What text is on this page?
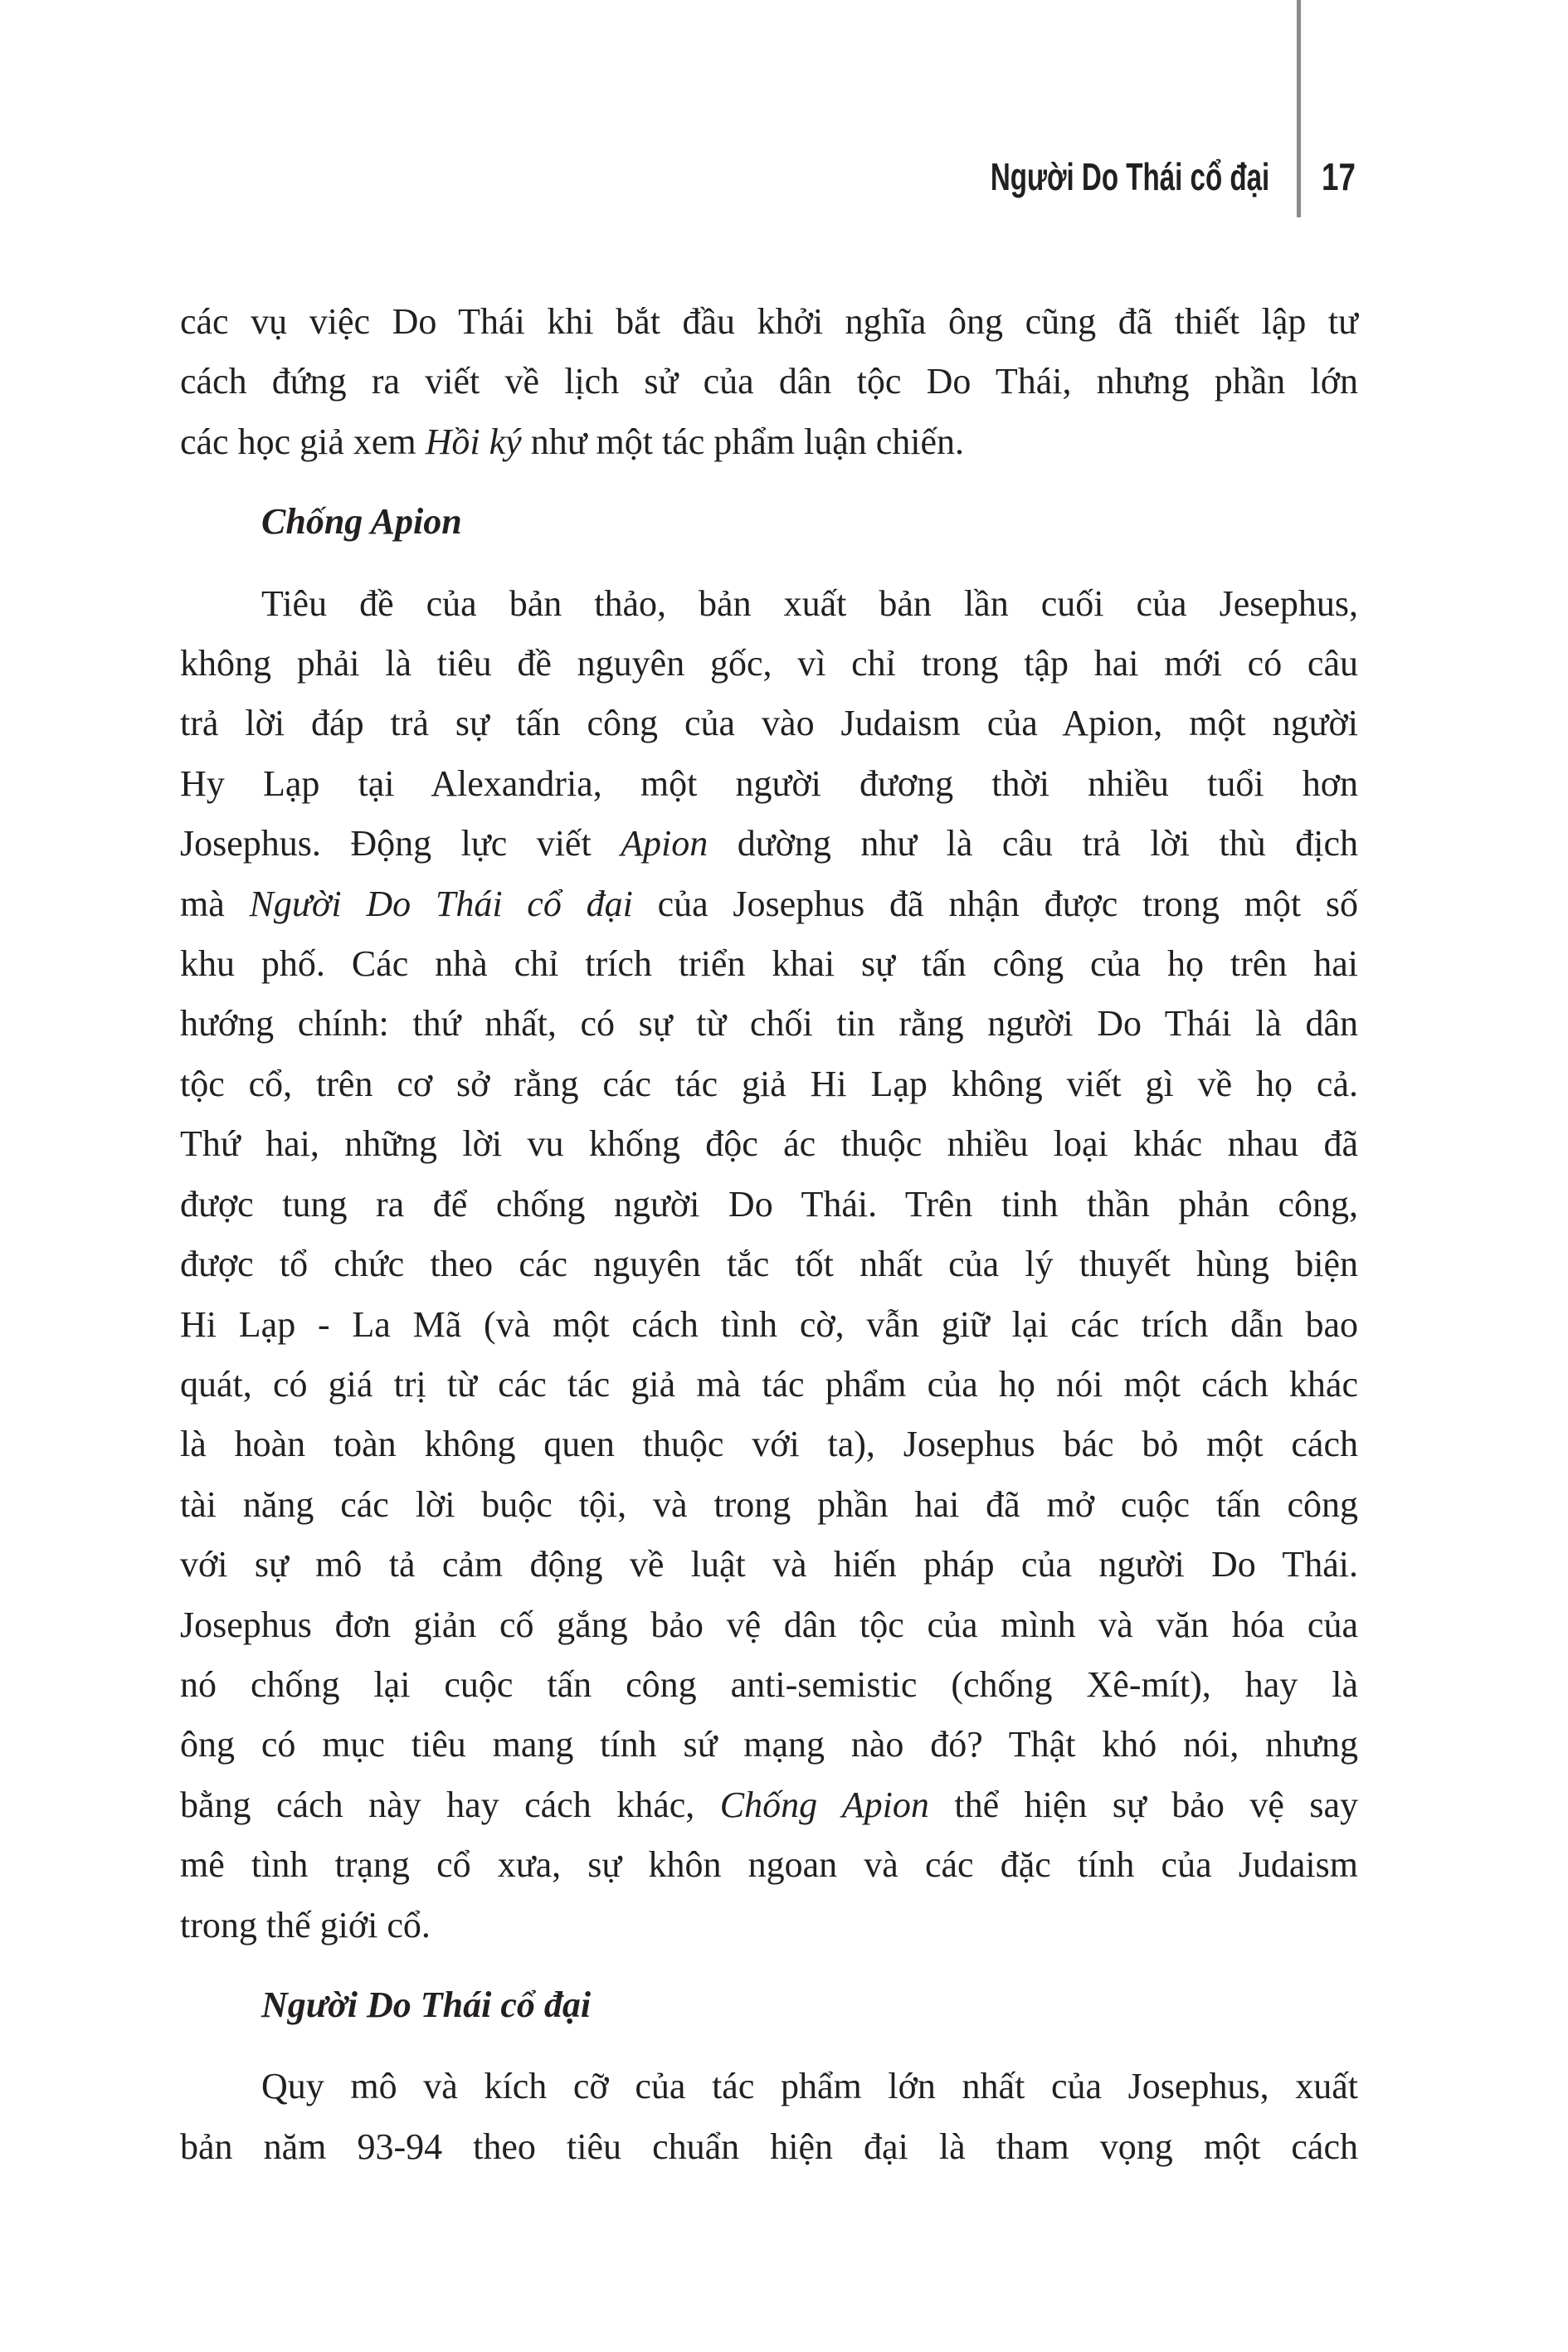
Người Do Thái cổ đại 17
các vụ việc Do Thái khi bắt đầu khởi nghĩa ông cũng đã thiết lập tư
cách đứng ra viết về lịch sử của dân tộc Do Thái, nhưng phần lớn
các học giả xem Hồi ký như một tác phẩm luận chiến.
Chống Apion
Tiêu đề của bản thảo, bản xuất bản lần cuối của Jesephus,
không phải là tiêu đề nguyên gốc, vì chỉ trong tập hai mới có câu
trả lời đáp trả sự tấn công của vào Judaism của Apion, một người
Hy Lạp tại Alexandria, một người đương thời nhiều tuổi hơn
Josephus. Động lực viết Apion dường như là câu trả lời thù địch
mà Người Do Thái cổ đại của Josephus đã nhận được trong một số
khu phố. Các nhà chỉ trích triển khai sự tấn công của họ trên hai
hướng chính: thứ nhất, có sự từ chối tin rằng người Do Thái là dân
tộc cổ, trên cơ sở rằng các tác giả Hi Lạp không viết gì về họ cả.
Thứ hai, những lời vu khống độc ác thuộc nhiều loại khác nhau đã
được tung ra để chống người Do Thái. Trên tinh thần phản công,
được tổ chức theo các nguyên tắc tốt nhất của lý thuyết hùng biện
Hi Lạp - La Mã (và một cách tình cờ, vẫn giữ lại các trích dẫn bao
quát, có giá trị từ các tác giả mà tác phẩm của họ nói một cách khác
là hoàn toàn không quen thuộc với ta), Josephus bác bỏ một cách
tài năng các lời buộc tội, và trong phần hai đã mở cuộc tấn công
với sự mô tả cảm động về luật và hiến pháp của người Do Thái.
Josephus đơn giản cố gắng bảo vệ dân tộc của mình và văn hóa của
nó chống lại cuộc tấn công anti-semistic (chống Xê-mít), hay là
ông có mục tiêu mang tính sứ mạng nào đó? Thật khó nói, nhưng
bằng cách này hay cách khác, Chống Apion thể hiện sự bảo vệ say
mê tình trạng cổ xưa, sự khôn ngoan và các đặc tính của Judaism
trong thế giới cổ.
Người Do Thái cổ đại
Quy mô và kích cỡ của tác phẩm lớn nhất của Josephus, xuất
bản năm 93-94 theo tiêu chuẩn hiện đại là tham vọng một cách
